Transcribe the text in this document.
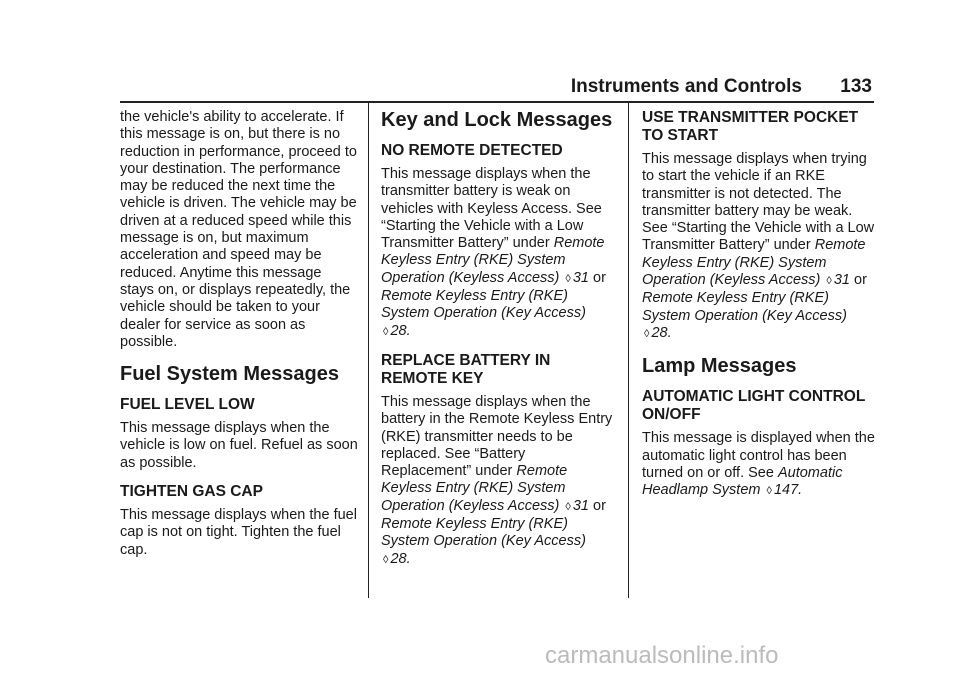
Instruments and Controls 133

the vehicle's ability to accelerate. If this message is on, but there is no reduction in performance, proceed to your destination. The performance may be reduced the next time the vehicle is driven. The vehicle may be driven at a reduced speed while this message is on, but maximum acceleration and speed may be reduced. Anytime this message stays on, or displays repeatedly, the vehicle should be taken to your dealer for service as soon as possible.

Fuel System Messages
FUEL LEVEL LOW

This message displays when the vehicle is low on fuel. Refuel as soon as possible.

TIGHTEN GAS CAP

This message displays when the fuel cap is not on tight. Tighten the fuel cap.

Key and Lock Messages
NO REMOTE DETECTED

This message displays when the transmitter battery is weak on vehicles with Keyless Access. See “Starting the Vehicle with a Low Transmitter Battery” under Remote Keyless Entry (RKE) System Operation (Keyless Access) ◊ 31 or Remote Keyless Entry (RKE) System Operation (Key Access) ◊ 28.

REPLACE BATTERY IN REMOTE KEY

This message displays when the battery in the Remote Keyless Entry (RKE) transmitter needs to be replaced. See “Battery Replacement” under Remote Keyless Entry (RKE) System Operation (Keyless Access) ◊ 31 or Remote Keyless Entry (RKE) System Operation (Key Access) ◊ 28.

USE TRANSMITTER POCKET TO START

This message displays when trying to start the vehicle if an RKE transmitter is not detected. The transmitter battery may be weak. See “Starting the Vehicle with a Low Transmitter Battery” under Remote Keyless Entry (RKE) System Operation (Keyless Access) ◊ 31 or Remote Keyless Entry (RKE) System Operation (Key Access) ◊ 28.

Lamp Messages
AUTOMATIC LIGHT CONTROL ON/OFF

This message is displayed when the automatic light control has been turned on or off. See Automatic Headlamp System ◊ 147.

carmanualsonline.info
